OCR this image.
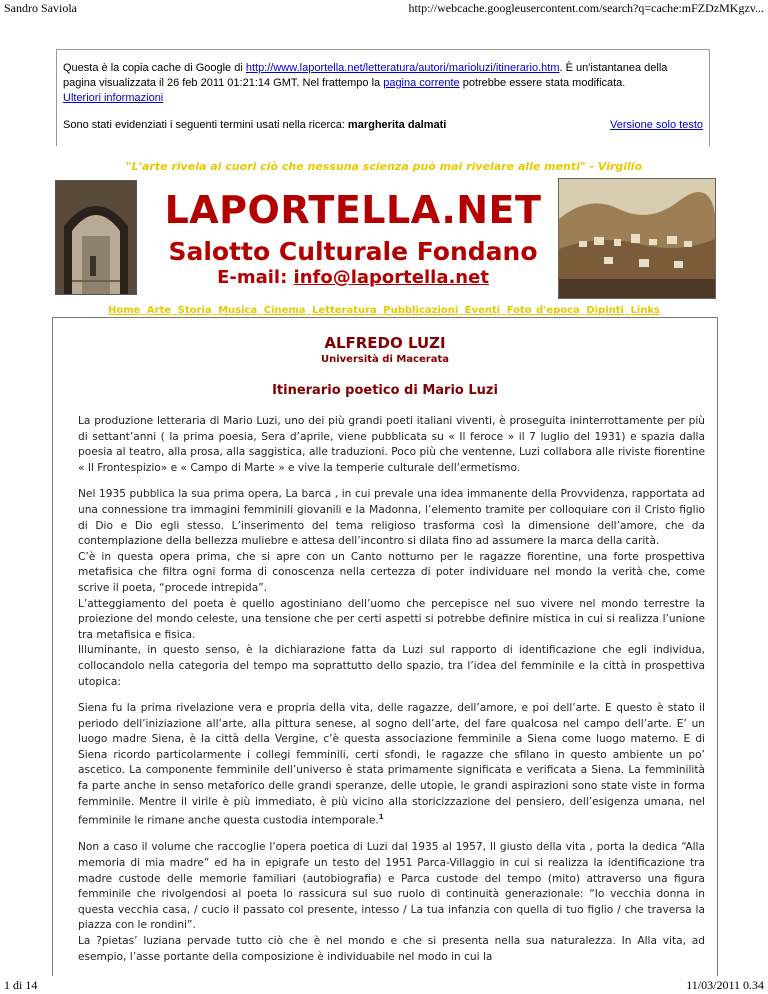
Sandro Saviola	http://webcache.googleusercontent.com/search?q=cache:mFZDzMKgzv...
Questa è la copia cache di Google di http://www.laportella.net/letteratura/autori/marioluzi/itinerario.htm. È un'istantanea della pagina visualizzata il 26 feb 2011 01:21:14 GMT. Nel frattempo la pagina corrente potrebbe essere stata modificata.
Ulteriori informazioni
Sono stati evidenziati i seguenti termini usati nella ricerca: margherita dalmati	Versione solo testo
"L'arte rivela ai cuori ciò che nessuna scienza può mai rivelare alle menti" - Virgilio
LAPORTELLA.NET
Salotto Culturale Fondano
E-mail: info@laportella.net
Home Arte Storia Musica Cinema Letteratura Pubblicazioni Eventi Foto d'epoca Dipinti Links
ALFREDO LUZI
Università di Macerata
Itinerario poetico di Mario Luzi

La produzione letteraria di Mario Luzi, uno dei più grandi poeti italiani viventi, è proseguita ininterrottamente per più di settant’anni ( la prima poesia, Sera d’aprile, viene pubblicata su « Il feroce » il 7 luglio del 1931) e spazia dalla poesia al teatro, alla prosa, alla saggistica, alle traduzioni. Poco più che ventenne, Luzi collabora alle riviste fiorentine « Il Frontespizio» e « Campo di Marte » e vive la temperie culturale dell’ermetismo.

Nel 1935 pubblica la sua prima opera, La barca , in cui prevale una idea immanente della Provvidenza, rapportata ad una connessione tra immagini femminili giovanili e la Madonna, l’elemento tramite per colloquiare con il Cristo figlio di Dio e Dio egli stesso. L’inserimento del tema religioso trasforma così la dimensione dell’amore, che da contemplazione della bellezza muliebre e attesa dell’incontro si dilata fino ad assumere la marca della carità.
C’è in questa opera prima, che si apre con un Canto notturno per le ragazze fiorentine, una forte prospettiva metafisica che filtra ogni forma di conoscenza nella certezza di poter individuare nel mondo la verità che, come scrive il poeta, “procede intrepida”.
L’atteggiamento del poeta è quello agostiniano dell’uomo che percepisce nel suo vivere nel mondo terrestre la proiezione del mondo celeste, una tensione che per certi aspetti si potrebbe definire mistica in cui si realizza l’unione tra metafisica e fisica.
Illuminante, in questo senso, è la dichiarazione fatta da Luzi sul rapporto di identificazione che egli individua, collocandolo nella categoria del tempo ma soprattutto dello spazio, tra l’idea del femminile e la città in prospettiva utopica:

Siena fu la prima rivelazione vera e propria della vita, delle ragazze, dell’amore, e poi dell’arte. E questo è stato il periodo dell’iniziazione all’arte, alla pittura senese, al sogno dell’arte, del fare qualcosa nel campo dell’arte. E’ un luogo madre Siena, è la città della Vergine, c’è questa associazione femminile a Siena come luogo materno. E di Siena ricordo particolarmente i collegi femminili, certi sfondi, le ragazze che sfilano in questo ambiente un po’ ascetico. La componente femminile dell’universo è stata primamente significata e verificata a Siena. La femminilità fa parte anche in senso metaforico delle grandi speranze, delle utopie, le grandi aspirazioni sono state viste in forma femminile. Mentre il virile è più immediato, è più vicino alla storicizzazione del pensiero, dell’esigenza umana, nel femminile le rimane anche questa custodia intemporale.$^1$

Non a caso il volume che raccoglie l’opera poetica di Luzi dal 1935 al 1957, Il giusto della vita , porta la dedica “Alla memoria di mia madre” ed ha in epigrafe un testo del 1951 Parca-Villaggio in cui si realizza la identificazione tra madre custode delle memorie familiari (autobiografia) e Parca custode del tempo (mito) attraverso una figura femminile che rivolgendosi al poeta lo rassicura sul suo ruolo di continuità generazionale: “Io vecchia donna in questa vecchia casa, / cucio il passato col presente, intesso / La tua infanzia con quella di tuo figlio / che traversa la piazza con le rondini”.
La ?pietas’ luziana pervade tutto ciò che è nel mondo e che si presenta nella sua naturalezza. In Alla vita, ad esempio, l’asse portante della composizione è individuabile nel modo in cui la

1 di 14	11/03/2011 0.34
